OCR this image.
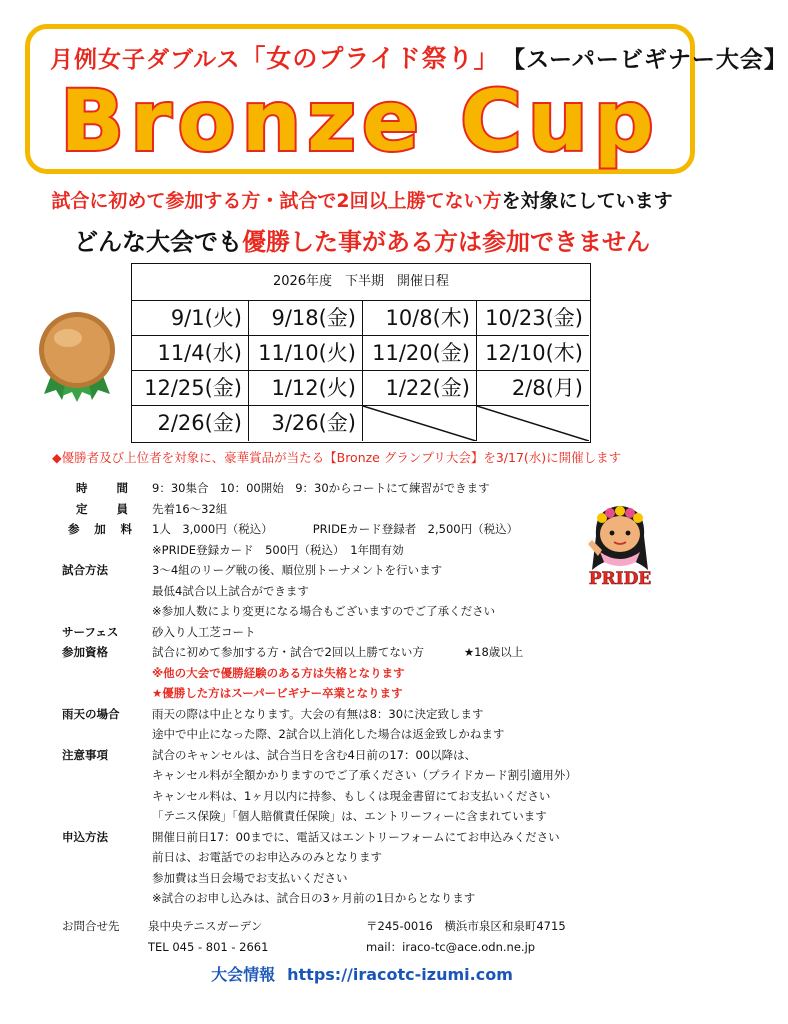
月例女子ダブルス「女のプライド祭り」 【スーパービギナー大会】
Bronze Cup
試合に初めて参加する方・試合で2回以上勝てない方を対象にしています
どんな大会でも優勝した事がある方は参加できません
2026年度　下半期　開催日程
9/1(火)	9/18(金)	10/8(木) 10/23(金)
11/4(水) 11/10(火) 11/20(金) 12/10(木)
12/25(金)	1/12(火)	1/22(金)	2/8(月)
2/26(金)	3/26(金)
◆優勝者及び上位者を対象に、豪華賞品が当たる【Bronze グランプリ大会】を3/17(水)に開催します
時間 9：30集合　10：00開始　9：30からコートにて練習ができます
定員 先着16～32組
参加料 1人　3,000円（税込）	PRIDEカード登録者　2,500円（税込）
※PRIDE登録カード　500円（税込）　1年間有効
試合方法	3～4組のリーグ戦の後、順位別トーナメントを行います
最低4試合以上試合ができます
※参加人数により変更になる場合もございますのでご了承ください
サーフェス	砂入り人工芝コート
参加資格	試合に初めて参加する方・試合で2回以上勝てない方	★18歳以上
※他の大会で優勝経験のある方は失格となります
★優勝した方はスーパービギナー卒業となります
雨天の場合	雨天の際は中止となります。大会の有無は8：30に決定致します
途中で中止になった際、2試合以上消化した場合は返金致しかねます
注意事項	試合のキャンセルは、試合当日を含む4日前の17：00以降は、
キャンセル料が全額かかりますのでご了承ください（プライドカード割引適用外）
キャンセル料は、1ヶ月以内に持参、もしくは現金書留にてお支払いください
「テニス保険」「個人賠償責任保険」は、エントリーフィーに含まれています
申込方法	開催日前日17：00までに、電話又はエントリーフォームにてお申込みください
前日は、お電話でのお申込みのみとなります
参加費は当日会場でお支払いください
※試合のお申し込みは、試合日の3ヶ月前の1日からとなります
PRIDE
お問合せ先	泉中央テニスガーデン	〒245-0016　横浜市泉区和泉町4715
TEL 045 - 801 - 2661	mail：iraco-tc@ace.odn.ne.jp
大会情報 https://iracotc-izumi.com
